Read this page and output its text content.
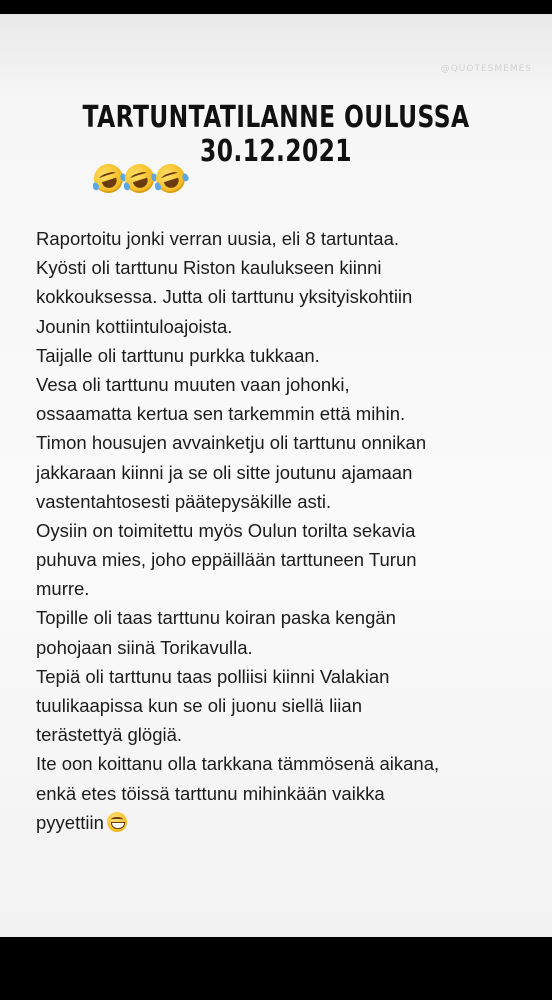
@QUOTESMEMES
TARTUNTATILANNE OULUSSA
30.12.2021
Raportoitu jonki verran uusia, eli 8 tartuntaa.
Kyösti oli tarttunu Riston kaulukseen kiinni
kokkouksessa. Jutta oli tarttunu yksityiskohtiin
Jounin kottiintuloajoista.
Taijalle oli tarttunu purkka tukkaan.
Vesa oli tarttunu muuten vaan johonki,
ossaamatta kertua sen tarkemmin että mihin.
Timon housujen avvainketju oli tarttunu onnikan
jakkaraan kiinni ja se oli sitte joutunu ajamaan
vastentahtosesti päätepysäkille asti.
Oysiin on toimitettu myös Oulun torilta sekavia
puhuva mies, joho eppäillään tarttuneen Turun
murre.
Topille oli taas tarttunu koiran paska kengän
pohojaan siinä Torikavulla.
Tepiä oli tarttunu taas polliisi kiinni Valakian
tuulikaapissa kun se oli juonu siellä liian
terästettyä glögiä.
Ite oon koittanu olla tarkkana tämmösenä aikana,
enkä etes töissä tarttunu mihinkään vaikka
pyyettiin
